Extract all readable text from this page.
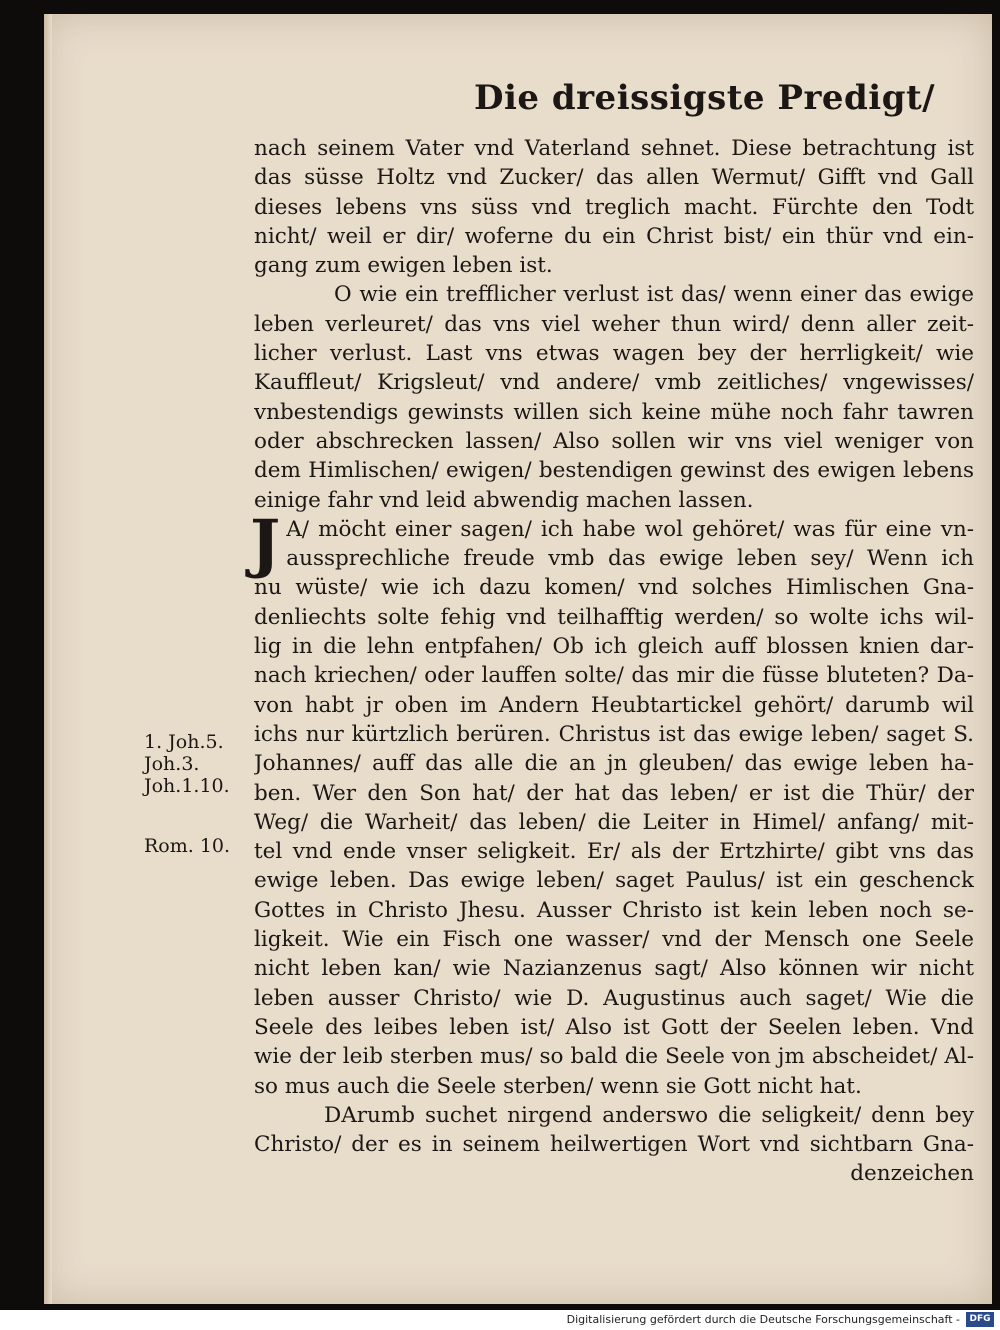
Die dreissigste Predigt/
nach seinem Vater vnd Vaterland sehnet. Diese betrachtung ist
das süsse Holtz vnd Zucker/ das allen Wermut/ Gifft vnd Gall
dieses lebens vns süss vnd treglich macht. Fürchte den Todt
nicht/ weil er dir/ woferne du ein Christ bist/ ein thür vnd ein-
gang zum ewigen leben ist.
O wie ein trefflicher verlust ist das/ wenn einer das ewige
leben verleuret/ das vns viel weher thun wird/ denn aller zeit-
licher verlust. Last vns etwas wagen bey der herrligkeit/ wie
Kauffleut/ Krigsleut/ vnd andere/ vmb zeitliches/ vngewisses/
vnbestendigs gewinsts willen sich keine mühe noch fahr tawren
oder abschrecken lassen/ Also sollen wir vns viel weniger von
dem Himlischen/ ewigen/ bestendigen gewinst des ewigen lebens
einige fahr vnd leid abwendig machen lassen.
J A/ möcht einer sagen/ ich habe wol gehöret/ was für eine vn-
aussprechliche freude vmb das ewige leben sey/ Wenn ich
nu wüste/ wie ich dazu komen/ vnd solches Himlischen Gna-
denliechts solte fehig vnd teilhafftig werden/ so wolte ichs wil-
lig in die lehn entpfahen/ Ob ich gleich auff blossen knien dar-
nach kriechen/ oder lauffen solte/ das mir die füsse bluteten? Da-
von habt jr oben im Andern Heubtartickel gehört/ darumb wil
ichs nur kürtzlich berüren. Christus ist das ewige leben/ saget S.
Johannes/ auff das alle die an jn gleuben/ das ewige leben ha-
ben. Wer den Son hat/ der hat das leben/ er ist die Thür/ der
Weg/ die Warheit/ das leben/ die Leiter in Himel/ anfang/ mit-
tel vnd ende vnser seligkeit. Er/ als der Ertzhirte/ gibt vns das
ewige leben. Das ewige leben/ saget Paulus/ ist ein geschenck
Gottes in Christo Jhesu. Ausser Christo ist kein leben noch se-
ligkeit. Wie ein Fisch one wasser/ vnd der Mensch one Seele
nicht leben kan/ wie Nazianzenus sagt/ Also können wir nicht
leben ausser Christo/ wie D. Augustinus auch saget/ Wie die
Seele des leibes leben ist/ Also ist Gott der Seelen leben. Vnd
wie der leib sterben mus/ so bald die Seele von jm abscheidet/ Al-
so mus auch die Seele sterben/ wenn sie Gott nicht hat.
DArumb suchet nirgend anderswo die seligkeit/ denn bey
Christo/ der es in seinem heilwertigen Wort vnd sichtbarn Gna-
denzeichen
1. Joh.5.
Joh.3.
Joh.1.10.
Rom. 10.
Digitalisierung gefördert durch die Deutsche Forschungsgemeinschaft -	DFG
